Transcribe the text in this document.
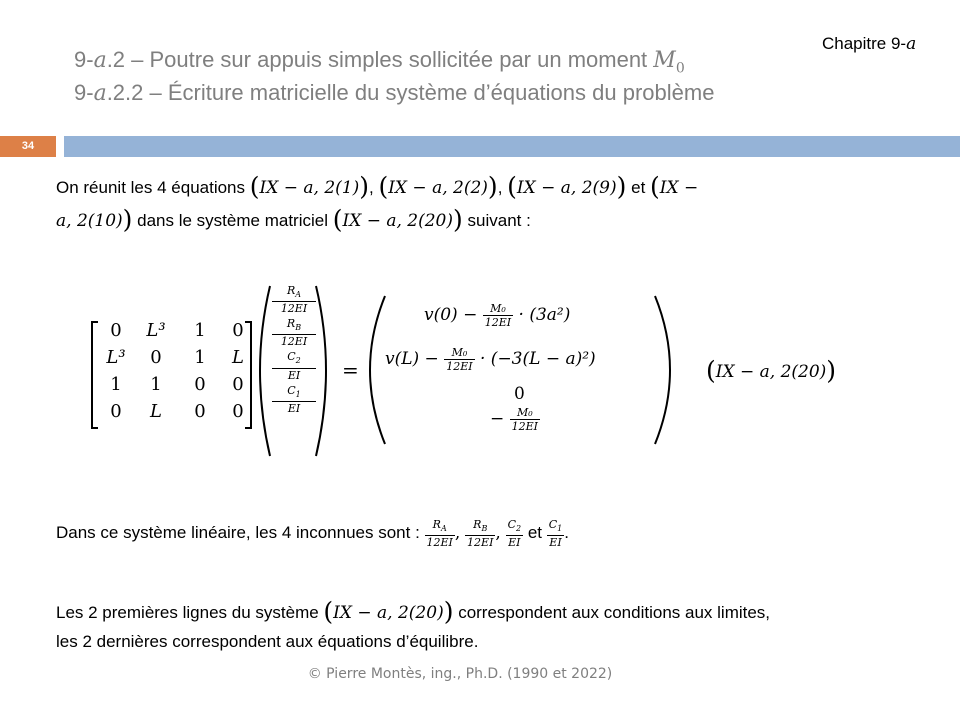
Chapitre 9-a
9-a.2 – Poutre sur appuis simples sollicitée par un moment $M_0$
9-a.2.2 – Écriture matricielle du système d’équations du problème
34
On réunit les 4 équations (IX − a, 2(1)), (IX − a, 2(2)), (IX − a, 2(9)) et (IX −
a, 2(10)) dans le système matriciel (IX − a, 2(20)) suivant :
0	L³	1	0
L³	0	1	L
1	1	0	0
0	L	0	0
$\frac{R_A}{12EI}$

$\frac{R_B}{12EI}$

$\frac{C_2}{EI}$

$\frac{C_1}{EI}$
=
$v(0) - \frac{\text{M₀}}{12EI} \cdot (3a^2)$
$v(L) - \frac{\text{M₀}}{12EI} \cdot (-3(L - a)^2)$
0
− $\frac{\text{M₀}}{12EI}$
(IX − a, 2(20))
Dans ce système linéaire, les 4 inconnues sont : $\frac{R_A}{12EI}$ , $\frac{R_B}{12EI}$ , $\frac{C_2}{EI}$ et $\frac{C_1}{EI}$ .
Les 2 premières lignes du système (IX − a, 2(20)) correspondent aux conditions aux limites,
les 2 dernières correspondent aux équations d’équilibre.
© Pierre Montès, ing., Ph.D. (1990 et 2022)
